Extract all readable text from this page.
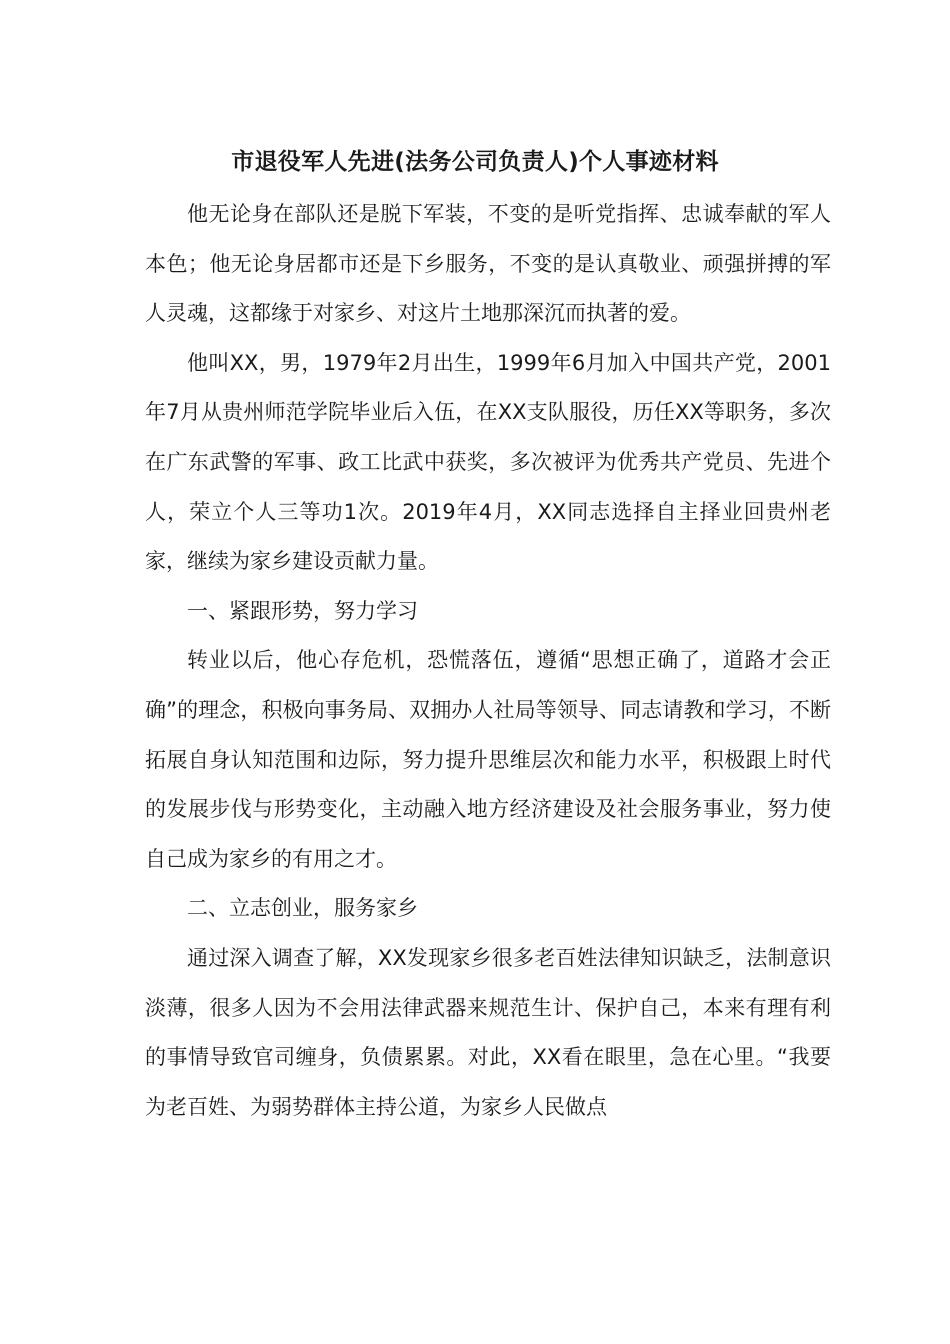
市退役军人先进(法务公司负责人)个人事迹材料

他无论身在部队还是脱下军装，不变的是听党指挥、忠诚奉献的军人本色；他无论身居都市还是下乡服务，不变的是认真敬业、顽强拼搏的军人灵魂，这都缘于对家乡、对这片土地那深沉而执著的爱。

他叫XX，男，1979年2月出生，1999年6月加入中国共产党，2001年7月从贵州师范学院毕业后入伍，在XX支队服役，历任XX等职务，多次在广东武警的军事、政工比武中获奖，多次被评为优秀共产党员、先进个人，荣立个人三等功1次。2019年4月，XX同志选择自主择业回贵州老家，继续为家乡建设贡献力量。

一、紧跟形势，努力学习

转业以后，他心存危机，恐慌落伍，遵循“思想正确了，道路才会正确”的理念，积极向事务局、双拥办人社局等领导、同志请教和学习，不断拓展自身认知范围和边际，努力提升思维层次和能力水平，积极跟上时代的发展步伐与形势变化，主动融入地方经济建设及社会服务事业，努力使自己成为家乡的有用之才。

二、立志创业，服务家乡

通过深入调查了解，XX发现家乡很多老百姓法律知识缺乏，法制意识淡薄，很多人因为不会用法律武器来规范生计、保护自己，本来有理有利的事情导致官司缠身，负债累累。对此，XX看在眼里，急在心里。“我要为老百姓、为弱势群体主持公道，为家乡人民做点
